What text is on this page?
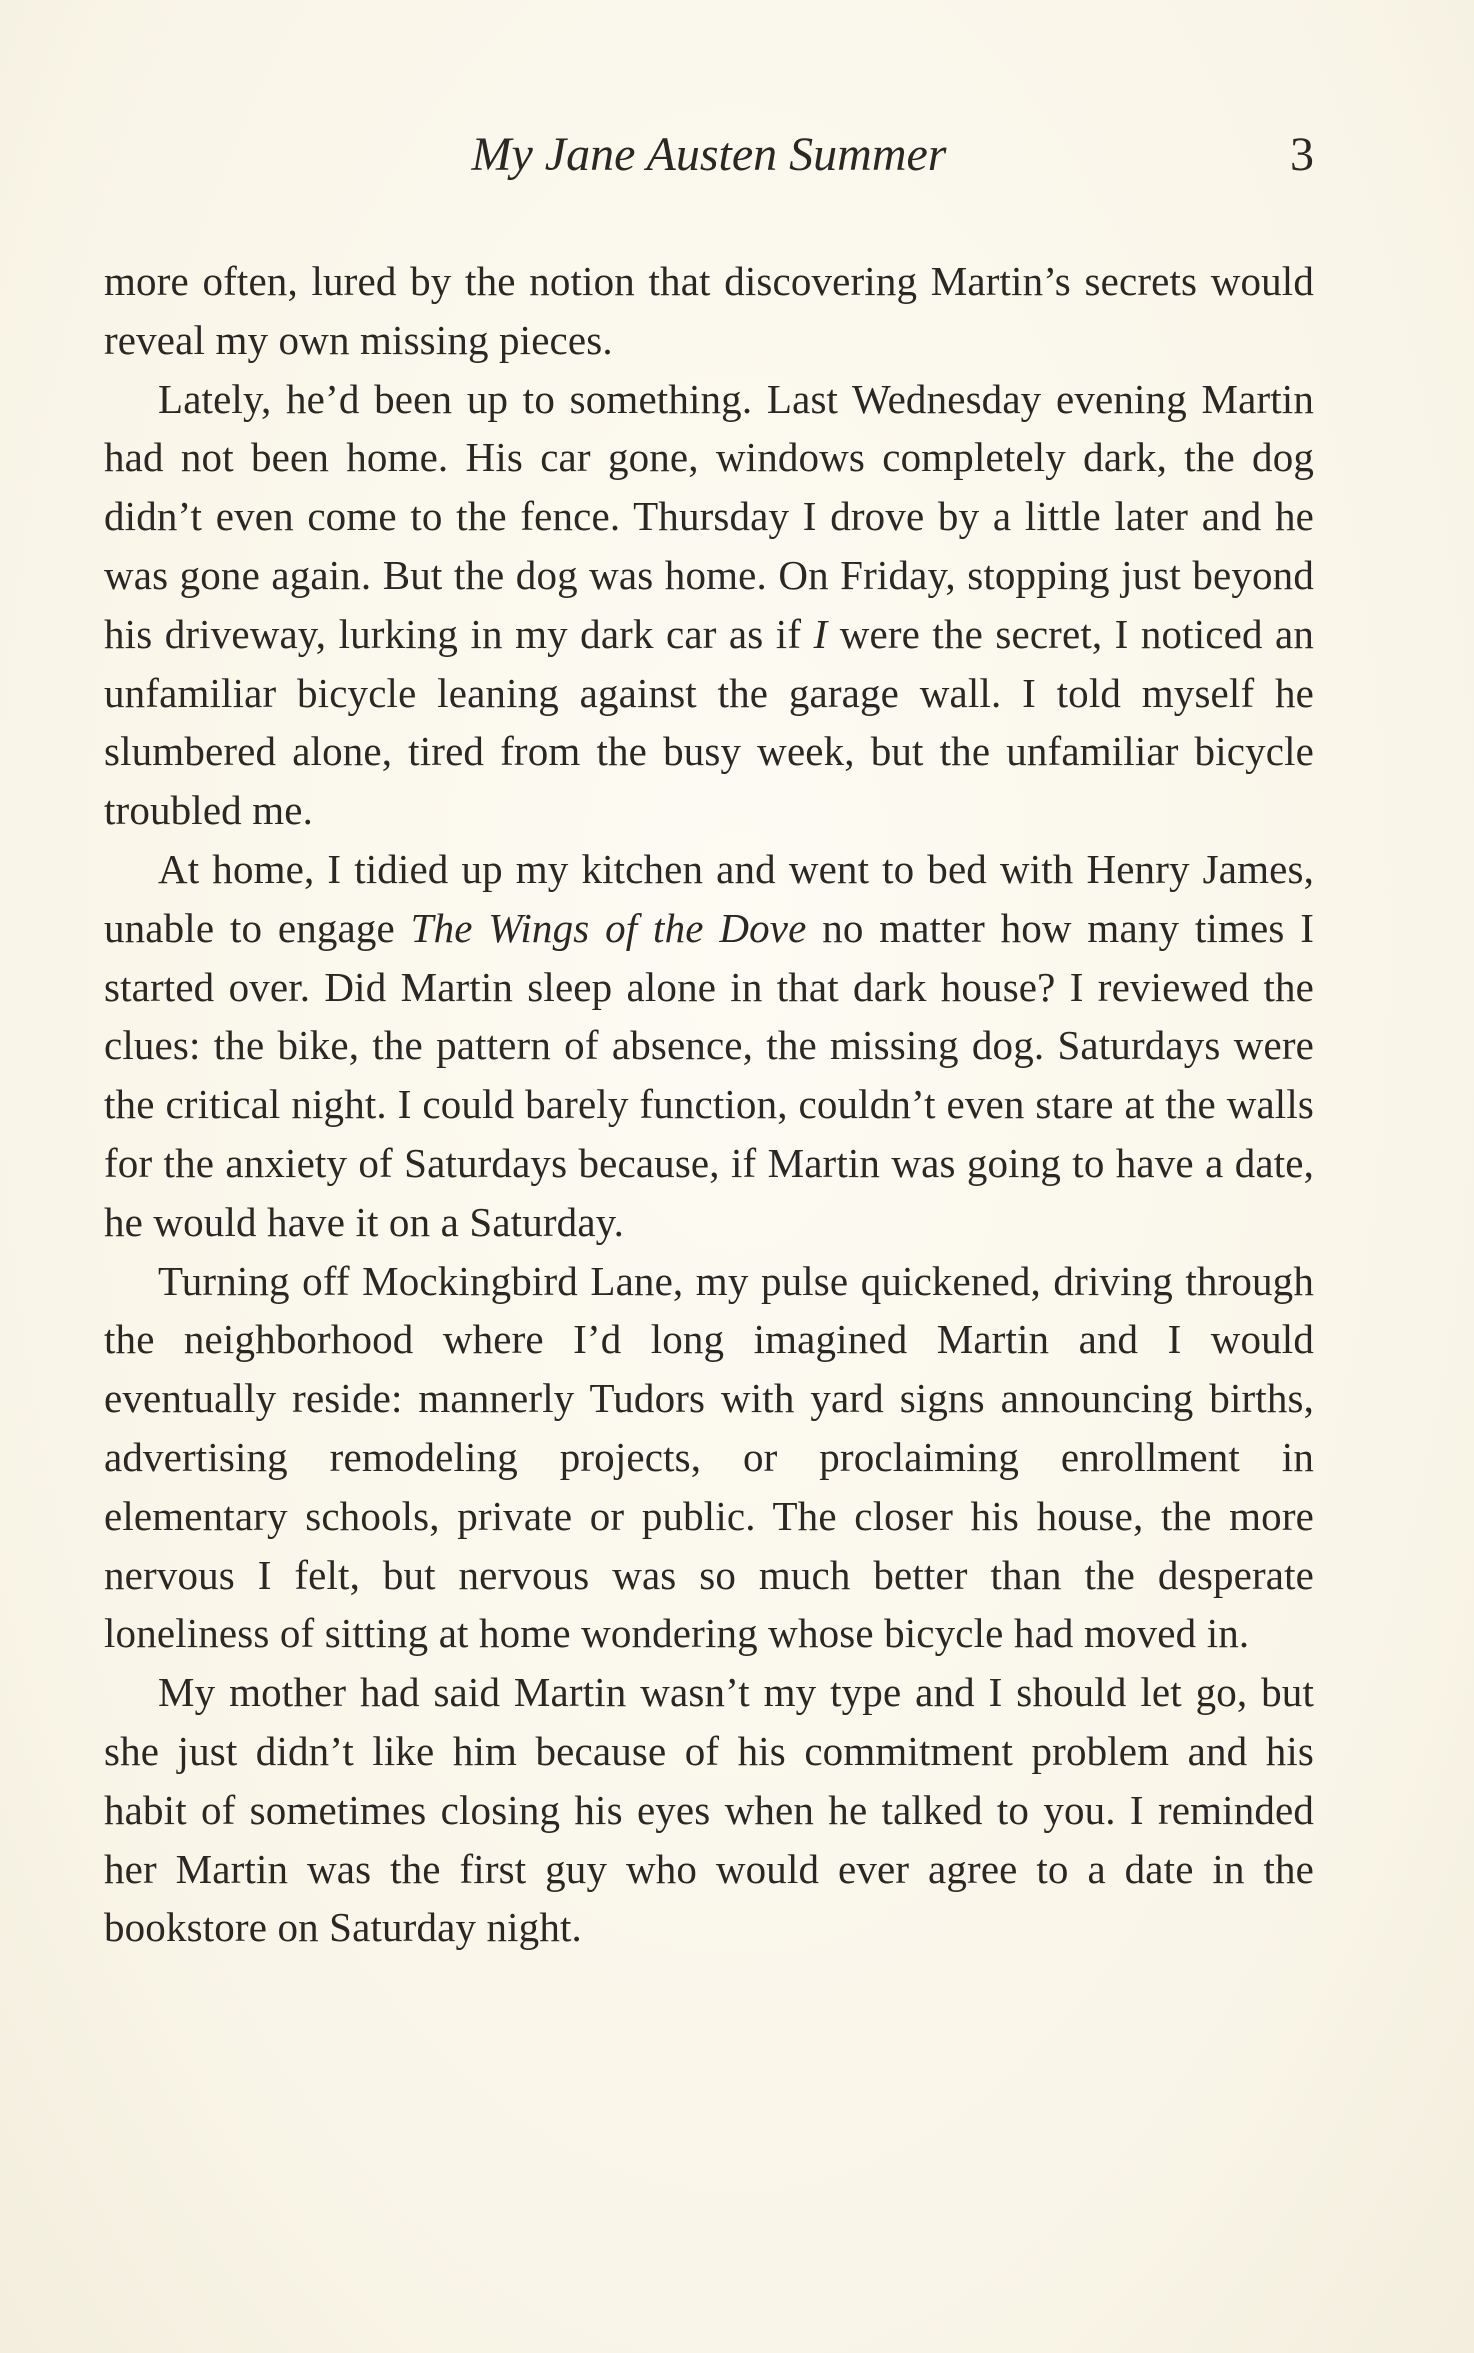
My Jane Austen Summer	3

more often, lured by the notion that discovering Martin’s secrets would reveal my own missing pieces.

Lately, he’d been up to something. Last Wednesday evening Martin had not been home. His car gone, windows completely dark, the dog didn’t even come to the fence. Thursday I drove by a little later and he was gone again. But the dog was home. On Friday, stopping just beyond his driveway, lurking in my dark car as if I were the secret, I noticed an unfamiliar bicycle leaning against the garage wall. I told myself he slumbered alone, tired from the busy week, but the unfamiliar bicycle troubled me.

At home, I tidied up my kitchen and went to bed with Henry James, unable to engage The Wings of the Dove no matter how many times I started over. Did Martin sleep alone in that dark house? I reviewed the clues: the bike, the pattern of absence, the missing dog. Saturdays were the critical night. I could barely function, couldn’t even stare at the walls for the anxiety of Saturdays because, if Martin was going to have a date, he would have it on a Saturday.

Turning off Mockingbird Lane, my pulse quickened, driving through the neighborhood where I’d long imagined Martin and I would eventually reside: mannerly Tudors with yard signs announcing births, advertising remodeling projects, or proclaiming enrollment in elementary schools, private or public. The closer his house, the more nervous I felt, but nervous was so much better than the desperate loneliness of sitting at home wondering whose bicycle had moved in.

My mother had said Martin wasn’t my type and I should let go, but she just didn’t like him because of his commitment problem and his habit of sometimes closing his eyes when he talked to you. I reminded her Martin was the first guy who would ever agree to a date in the bookstore on Saturday night.
